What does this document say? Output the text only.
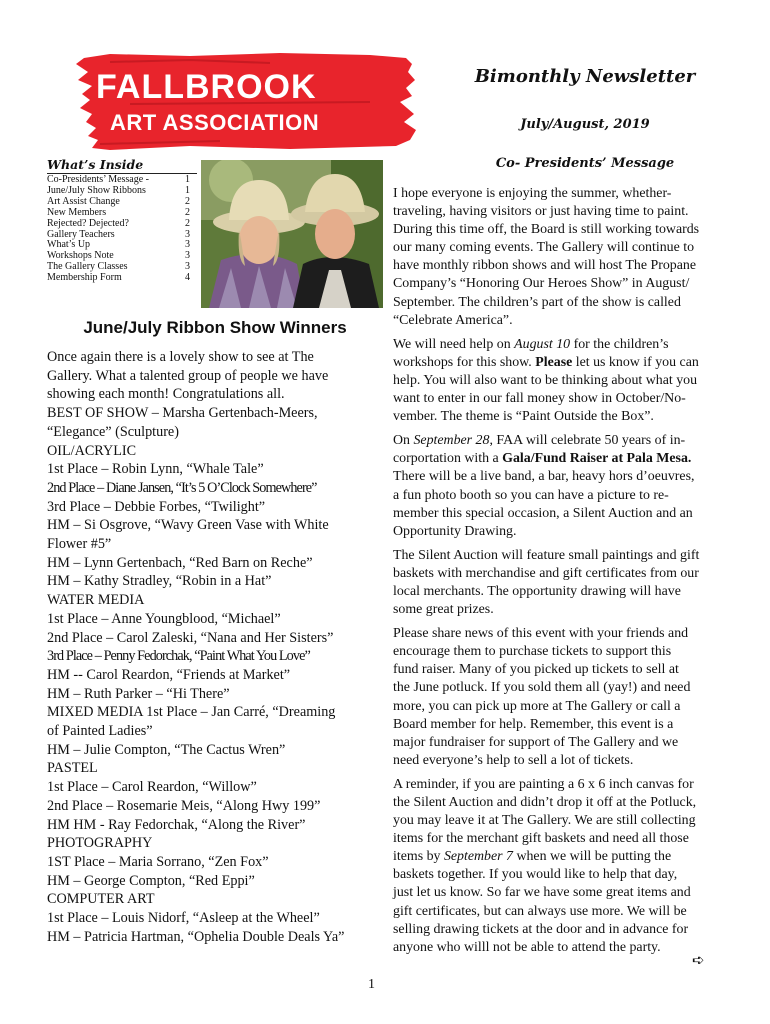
FALLBROOK
ART ASSOCIATION
Bimonthly Newsletter
July/August, 2019
What’s Inside
Co-Presidents’ Message -	1
June/July Show Ribbons	1
Art Assist Change	2
New Members	2
Rejected? Dejected?	2
Gallery Teachers	3
What’s Up	3
Workshops Note	3
The Gallery Classes	3
Membership Form	4
June/July Ribbon Show Winners

Once again there is a lovely show to see at The

Gallery. What a talented group of people we have

showing each month! Congratulations all.

BEST OF SHOW – Marsha Gertenbach-Meers,

“Elegance” (Sculpture)

OIL/ACRYLIC

1st Place – Robin Lynn, “Whale Tale”

2nd Place – Diane Jansen, “It’s 5 O’Clock Somewhere”

3rd Place – Debbie Forbes, “Twilight”

HM – Si Osgrove, “Wavy Green Vase with White

Flower #5”

HM – Lynn Gertenbach, “Red Barn on Reche”

HM – Kathy Stradley, “Robin in a Hat”

WATER MEDIA

1st Place – Anne Youngblood, “Michael”

2nd Place – Carol Zaleski, “Nana and Her Sisters”

3rd Place – Penny Fedorchak, “Paint What You Love”

HM -- Carol Reardon, “Friends at Market”

HM – Ruth Parker – “Hi There”

MIXED MEDIA 1st Place – Jan Carré, “Dreaming

of Painted Ladies”

HM – Julie Compton, “The Cactus Wren”

PASTEL

1st Place – Carol Reardon, “Willow”

2nd Place – Rosemarie Meis, “Along Hwy 199”

HM HM - Ray Fedorchak, “Along the River”

PHOTOGRAPHY

1ST Place – Maria Sorrano, “Zen Fox”

HM – George Compton, “Red Eppi”

COMPUTER ART

1st Place – Louis Nidorf, “Asleep at the Wheel”

HM – Patricia Hartman, “Ophelia Double Deals Ya”

Co- Presidents’ Message
I hope everyone is enjoying the summer, whether-
traveling, having visitors or just having time to paint.
During this time off, the Board is still working towards
our many coming events. The Gallery will continue to
have monthly ribbon shows and will host The Propane
Company’s “Honoring Our Heroes Show” in August/
September. The children’s part of the show is called
“Celebrate America”.
We will need help on August 10 for the children’s
workshops for this show. Please let us know if you can
help. You will also want to be thinking about what you
want to enter in our fall money show in October/No-
vember. The theme is “Paint Outside the Box”.
On September 28, FAA will celebrate 50 years of in-
corportation with a Gala/Fund Raiser at Pala Mesa.
There will be a live band, a bar, heavy hors d’oeuvres,
a fun photo booth so you can have a picture to re-
member this special occasion, a Silent Auction and an
Opportunity Drawing.
The Silent Auction will feature small paintings and gift
baskets with merchandise and gift certificates from our
local merchants. The opportunity drawing will have
some great prizes.
Please share news of this event with your friends and
encourage them to purchase tickets to support this
fund raiser. Many of you picked up tickets to sell at
the June potluck. If you sold them all (yay!) and need
more, you can pick up more at The Gallery or call a
Board member for help. Remember, this event is a
major fundraiser for support of The Gallery and we
need everyone’s help to sell a lot of tickets.
A reminder, if you are painting a 6 x 6 inch canvas for
the Silent Auction and didn’t drop it off at the Potluck,
you may leave it at The Gallery. We are still collecting
items for the merchant gift baskets and need all those
items by September 7 when we will be putting the
baskets together. If you would like to help that day,
just let us know. So far we have some great items and
gift certificates, but can always use more. We will be
selling drawing tickets at the door and in advance for
anyone who willl not be able to attend the party.
➪
1
